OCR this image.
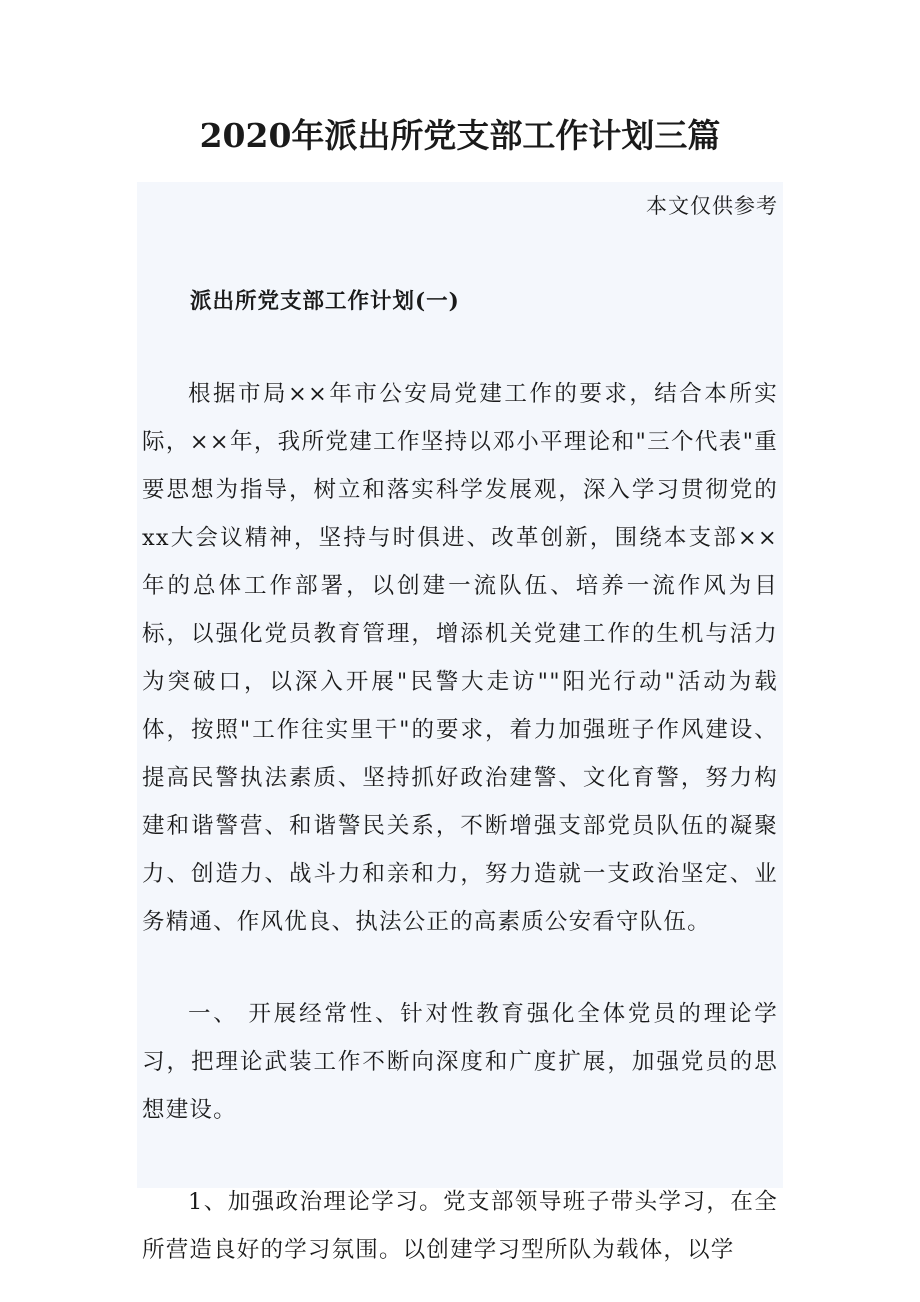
2020年派出所党支部工作计划三篇

本文仅供参考

派出所党支部工作计划(一)

根据市局××年市公安局党建工作的要求，结合本所实际，××年，我所党建工作坚持以邓小平理论和"三个代表"重要思想为指导，树立和落实科学发展观，深入学习贯彻党的xx大会议精神，坚持与时俱进、改革创新，围绕本支部××年的总体工作部署，以创建一流队伍、培养一流作风为目标，以强化党员教育管理，增添机关党建工作的生机与活力为突破口，以深入开展"民警大走访""阳光行动"活动为载体，按照"工作往实里干"的要求，着力加强班子作风建设、提高民警执法素质、坚持抓好政治建警、文化育警，努力构建和谐警营、和谐警民关系，不断增强支部党员队伍的凝聚力、创造力、战斗力和亲和力，努力造就一支政治坚定、业务精通、作风优良、执法公正的高素质公安看守队伍。

一、 开展经常性、针对性教育强化全体党员的理论学习，把理论武装工作不断向深度和广度扩展，加强党员的思想建设。

1、加强政治理论学习。党支部领导班子带头学习，在全所营造良好的学习氛围。以创建学习型所队为载体，以学
